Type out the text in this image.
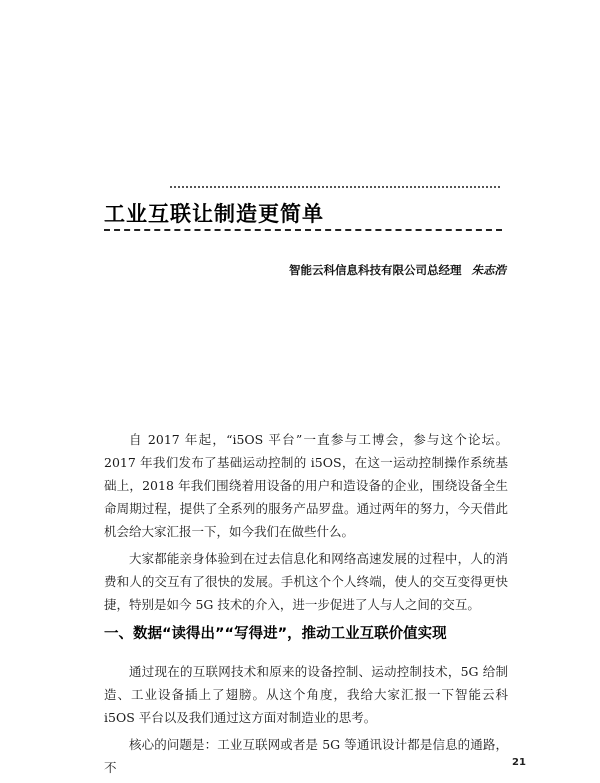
工业互联让制造更简单
智能云科信息科技有限公司总经理 朱志浩

自 2017 年起，“i5OS 平台”一直参与工博会，参与这个论坛。2017 年我们发布了基础运动控制的 i5OS，在这一运动控制操作系统基础上，2018 年我们围绕着用设备的用户和造设备的企业，围绕设备全生命周期过程，提供了全系列的服务产品罗盘。通过两年的努力，今天借此机会给大家汇报一下，如今我们在做些什么。

大家都能亲身体验到在过去信息化和网络高速发展的过程中，人的消费和人的交互有了很快的发展。手机这个个人终端，使人的交互变得更快捷，特别是如今 5G 技术的介入，进一步促进了人与人之间的交互。

一、数据“读得出”“写得进”，推动工业互联价值实现

通过现在的互联网技术和原来的设备控制、运动控制技术，5G 给制造、工业设备插上了翅膀。从这个角度，我给大家汇报一下智能云科 i5OS 平台以及我们通过这方面对制造业的思考。

核心的问题是：工业互联网或者是 5G 等通讯设计都是信息的通路，不	21
